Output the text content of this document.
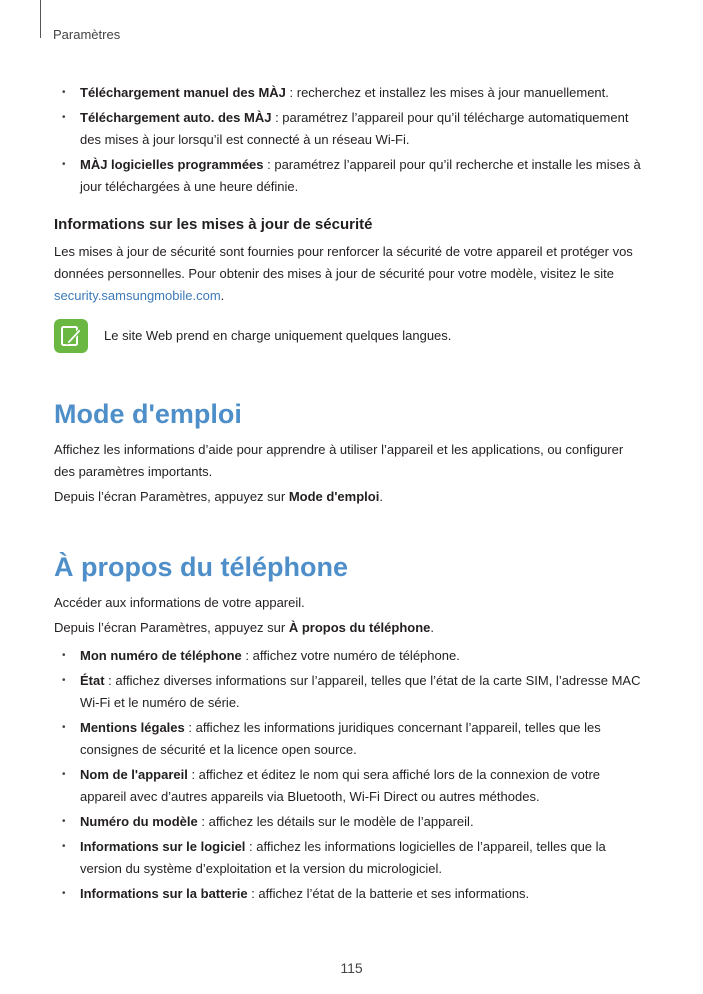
Paramètres
• Téléchargement manuel des MÀJ : recherchez et installez les mises à jour manuellement.
• Téléchargement auto. des MÀJ : paramétrez l’appareil pour qu’il télécharge automatiquement des mises à jour lorsqu’il est connecté à un réseau Wi-Fi.
• MÀJ logicielles programmées : paramétrez l’appareil pour qu’il recherche et installe les mises à jour téléchargées à une heure définie.
Informations sur les mises à jour de sécurité

Les mises à jour de sécurité sont fournies pour renforcer la sécurité de votre appareil et protéger vos données personnelles. Pour obtenir des mises à jour de sécurité pour votre modèle, visitez le site security.samsungmobile.com.

Le site Web prend en charge uniquement quelques langues.
Mode d'emploi

Affichez les informations d’aide pour apprendre à utiliser l’appareil et les applications, ou configurer des paramètres importants.

Depuis l’écran Paramètres, appuyez sur Mode d'emploi.

À propos du téléphone

Accéder aux informations de votre appareil.

Depuis l’écran Paramètres, appuyez sur À propos du téléphone.

• Mon numéro de téléphone : affichez votre numéro de téléphone.
• État : affichez diverses informations sur l’appareil, telles que l’état de la carte SIM, l’adresse MAC Wi-Fi et le numéro de série.
• Mentions légales : affichez les informations juridiques concernant l’appareil, telles que les consignes de sécurité et la licence open source.
• Nom de l'appareil : affichez et éditez le nom qui sera affiché lors de la connexion de votre appareil avec d’autres appareils via Bluetooth, Wi-Fi Direct ou autres méthodes.
• Numéro du modèle : affichez les détails sur le modèle de l’appareil.
• Informations sur le logiciel : affichez les informations logicielles de l’appareil, telles que la version du système d’exploitation et la version du micrologiciel.
• Informations sur la batterie : affichez l’état de la batterie et ses informations.
115
